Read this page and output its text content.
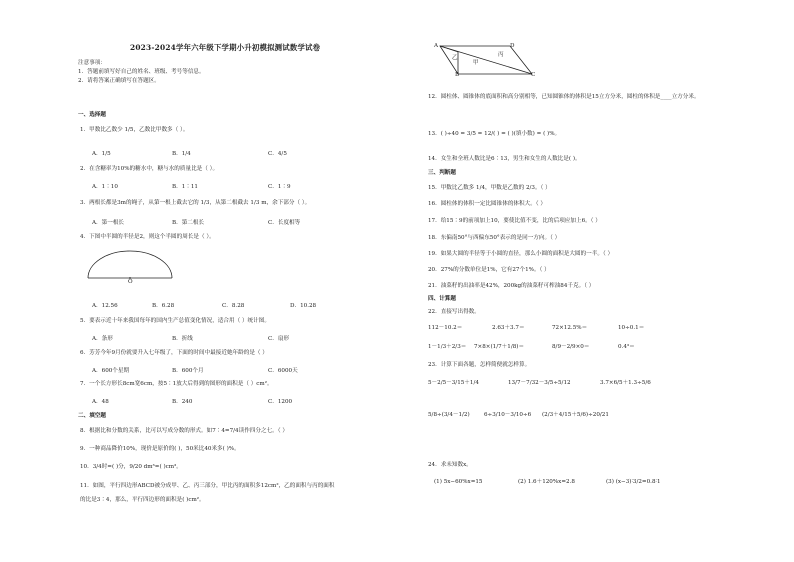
2023-2024学年六年级下学期小升初模拟测试数学试卷
注意事项：
1．答题前填写好自己的姓名、班级、考号等信息。
2．请将答案正确填写在答题区。
一、选择题
1．甲数比乙数少 1/5，乙数比甲数多（ ）。
A．1/5	B．1/4	C．4/5
2．在含糖率为10%的糖水中，糖与水的质量比是（ ）。
A．1∶10	B．1∶11	C．1∶9
3．两根长都是3m的绳子，从第一根上截去它的 1/3，从第二根截去 1/3 m，余下部分（ ）。
A．第一根长	B．第二根长	C．长度相等
4．下图中半圆的半径是2，则这个半圆的周长是（ ）。
O
A．12.56	B．6.28	C．8.28	D．10.28
5．要表示近十年来我国每年的国内生产总值变化情况，适合用（ ）统计图。
A．条形	B．折线	C．扇形
6．芳芳今年9月份就要升入七年级了，下面的时间中最接近她年龄的是（ ）
A．600个星期	B．600个月	C．6000天
7．一个长方形长8cm宽6cm，按5∶1放大后得到的图形的面积是（ ）cm²。
A．48	B．240	C．1200
二、填空题
8．根据比和分数的关系，比可以写成分数的形式。如7∶4=7/4读作四分之七。（ ）
9．一种商品降价10%，现价是原价的( )，50米比40米多( )%。
10．3/4时=( )分，9/20 dm³=( )cm³。
11．如图，平行四边形ABCD被分成甲、乙、丙三部分，甲比丙的面积多12cm²，乙的面积与丙的面积
的比是3∶4，那么，平行四边形的面积是( )cm²。
A	D
B	C
乙
甲
丙
12．圆柱体、圆锥体的底面积和高分别相等，已知圆锥体的体积是15立方分米，圆柱的体积是____立方分米。
13．( )÷40 = 3/5 = 12/( ) = ( )(填小数) = ( )%。
14．女生和全班人数比是6∶13，男生和女生的人数比是( )。
三、判断题
15．甲数比乙数多 1/4，甲数是乙数的 2/3。（ ）
16．圆柱体的体积一定比圆锥体的体积大。（ ）
17．给15∶9的前项加上10，要使比值不变，比的后项应加上6。（ ）
18．东偏南50°与西偏东50°表示的是同一方向。（ ）
19．如果大圆的半径等于小圆的直径，那么小圆的面积是大圆的一半。（ ）
20．27%的分数单位是1%，它有27个1%。（ ）
21．油菜籽的出油率是42%，200kg的油菜籽可榨油84千克。（ ）
四、计算题
22．直接写出得数。
112－10.2＝	2.63＋3.7＝	72×12.5%＝	10÷0.1＝
1－1/3＋2/3＝ 7×8×(1/7＋1/8)＝	8/9－2/9×0＝	0.4³＝
23．计算下面各题，怎样简便就怎样算。
5－2/5－3/15＋1/4	13/7－7/32－3/5÷5/12	3.7×6/5＋1.3÷5/6
5/8÷(3/4－1/2)	6÷3/10－3/10÷6 (2/3＋4/15＋5/6)÷20/21
24．求未知数x。
(1) 5x−60%x=15	(2) 1.6＋120%x=2.8	(3) (x−3)∶3/2=0.8∶1
